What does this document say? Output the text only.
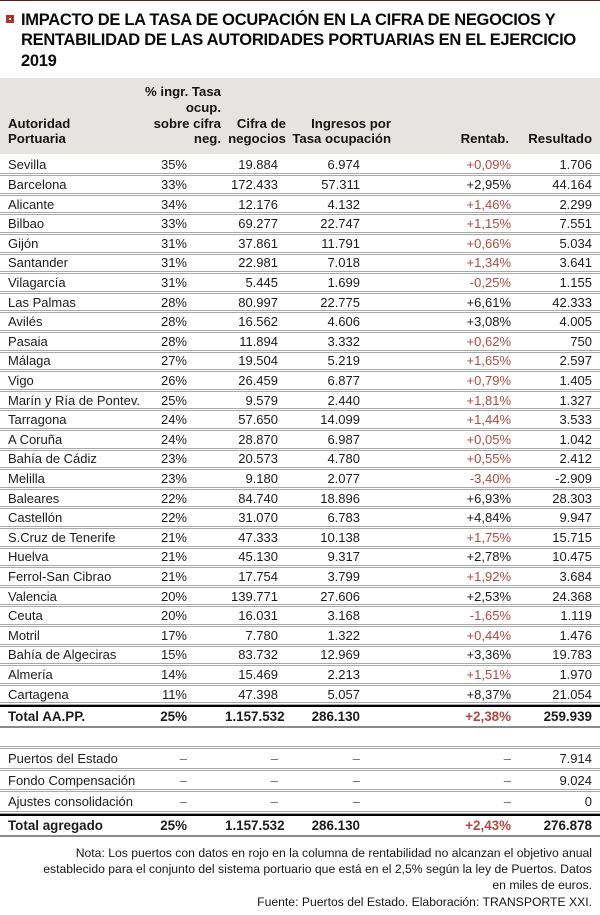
IMPACTO DE LA TASA DE OCUPACIÓN EN LA CIFRA DE NEGOCIOS Y RENTABILIDAD DE LAS AUTORIDADES PORTUARIAS EN EL EJERCICIO 2019
Autoridad
Portuaria
% ingr. Tasa ocup.
sobre cifra neg.
Cifra de
negocios
Ingresos por
Tasa ocupación	Rentab.	Resultado
Sevilla	35%	19.884	6.974	+0,09%	1.706
Barcelona	33%	172.433	57.311	+2,95%	44.164
Alicante	34%	12.176	4.132	+1,46%	2.299
Bilbao	33%	69.277	22.747	+1,15%	7.551
Gijón	31%	37.861	11.791	+0,66%	5.034
Santander	31%	22.981	7.018	+1,34%	3.641
Vilagarcía	31%	5.445	1.699	-0,25%	1.155
Las Palmas	28%	80.997	22.775	+6,61%	42.333
Avilés	28%	16.562	4.606	+3,08%	4.005
Pasaia	28%	11.894	3.332	+0,62%	750
Málaga	27%	19.504	5.219	+1,65%	2.597
Vigo	26%	26.459	6.877	+0,79%	1.405
Marín y Ría de Pontev.	25%	9.579	2.440	+1,81%	1.327
Tarragona	24%	57.650	14.099	+1,44%	3.533
A Coruña	24%	28.870	6.987	+0,05%	1.042
Bahía de Cádiz	23%	20.573	4.780	+0,55%	2.412
Melilla	23%	9.180	2.077	-3,40%	-2.909
Baleares	22%	84.740	18.896	+6,93%	28.303
Castellón	22%	31.070	6.783	+4,84%	9.947
S.Cruz de Tenerife	21%	47.333	10.138	+1,75%	15.715
Huelva	21%	45.130	9.317	+2,78%	10.475
Ferrol-San Cibrao	21%	17.754	3.799	+1,92%	3.684
Valencia	20%	139.771	27.606	+2,53%	24.368
Ceuta	20%	16.031	3.168	-1,65%	1.119
Motril	17%	7.780	1.322	+0,44%	1.476
Bahía de Algeciras	15%	83.732	12.969	+3,36%	19.783
Almería	14%	15.469	2.213	+1,51%	1.970
Cartagena	11%	47.398	5.057	+8,37%	21.054
Total AA.PP.	25%	1.157.532	286.130	+2,38%	259.939
Puertos del Estado	–	–	–	–	7.914
Fondo Compensación	–	–	–	–	9.024
Ajustes consolidación	–	–	–	–	0
Total agregado	25%	1.157.532	286.130	+2,43%	276.878
Nota: Los puertos con datos en rojo en la columna de rentabilidad no alcanzan el objetivo anual establecido para el conjunto del sistema portuario que está en el 2,5% según la ley de Puertos. Datos en miles de euros.
Fuente: Puertos del Estado. Elaboración: TRANSPORTE XXI.
